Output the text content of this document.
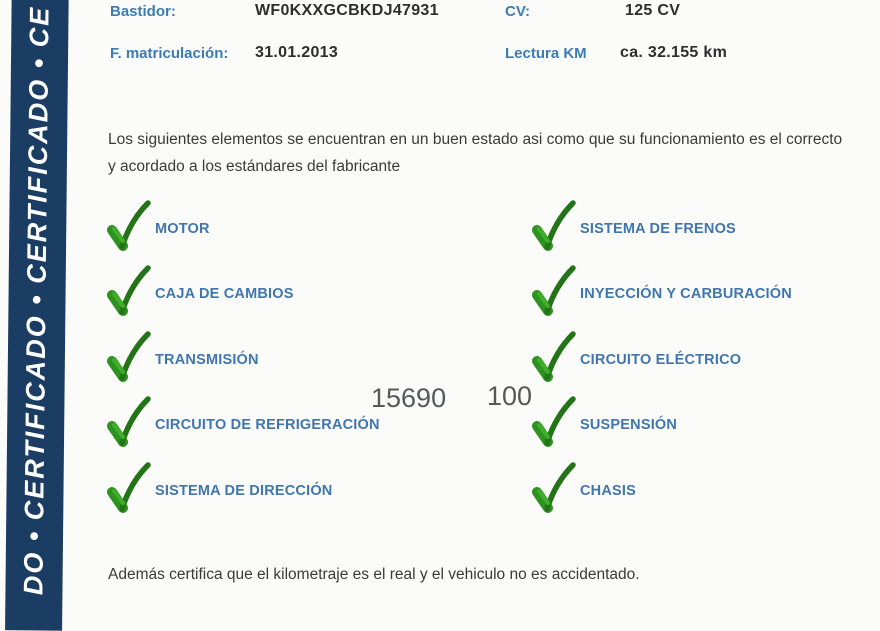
DO • CERTIFICADO • CERTIFICADO • CE	Bastidor:	WF0KXXGCBKDJ47931	CV:	125 CV
F. matriculación: 31.01.2013	Lectura KM ca. 32.155 km
Los siguientes elementos se encuentran en un buen estado asi como que su funcionamiento es el correcto y acordado a los estándares del fabricante
MOTOR
CAJA DE CAMBIOS
TRANSMISIÓN
CIRCUITO DE REFRIGERACIÓN
SISTEMA DE DIRECCIÓN
SISTEMA DE FRENOS
INYECCIÓN Y CARBURACIÓN
CIRCUITO ELÉCTRICO
SUSPENSIÓN
CHASIS
15690 100
Además certifica que el kilometraje es el real y el vehiculo no es accidentado.
